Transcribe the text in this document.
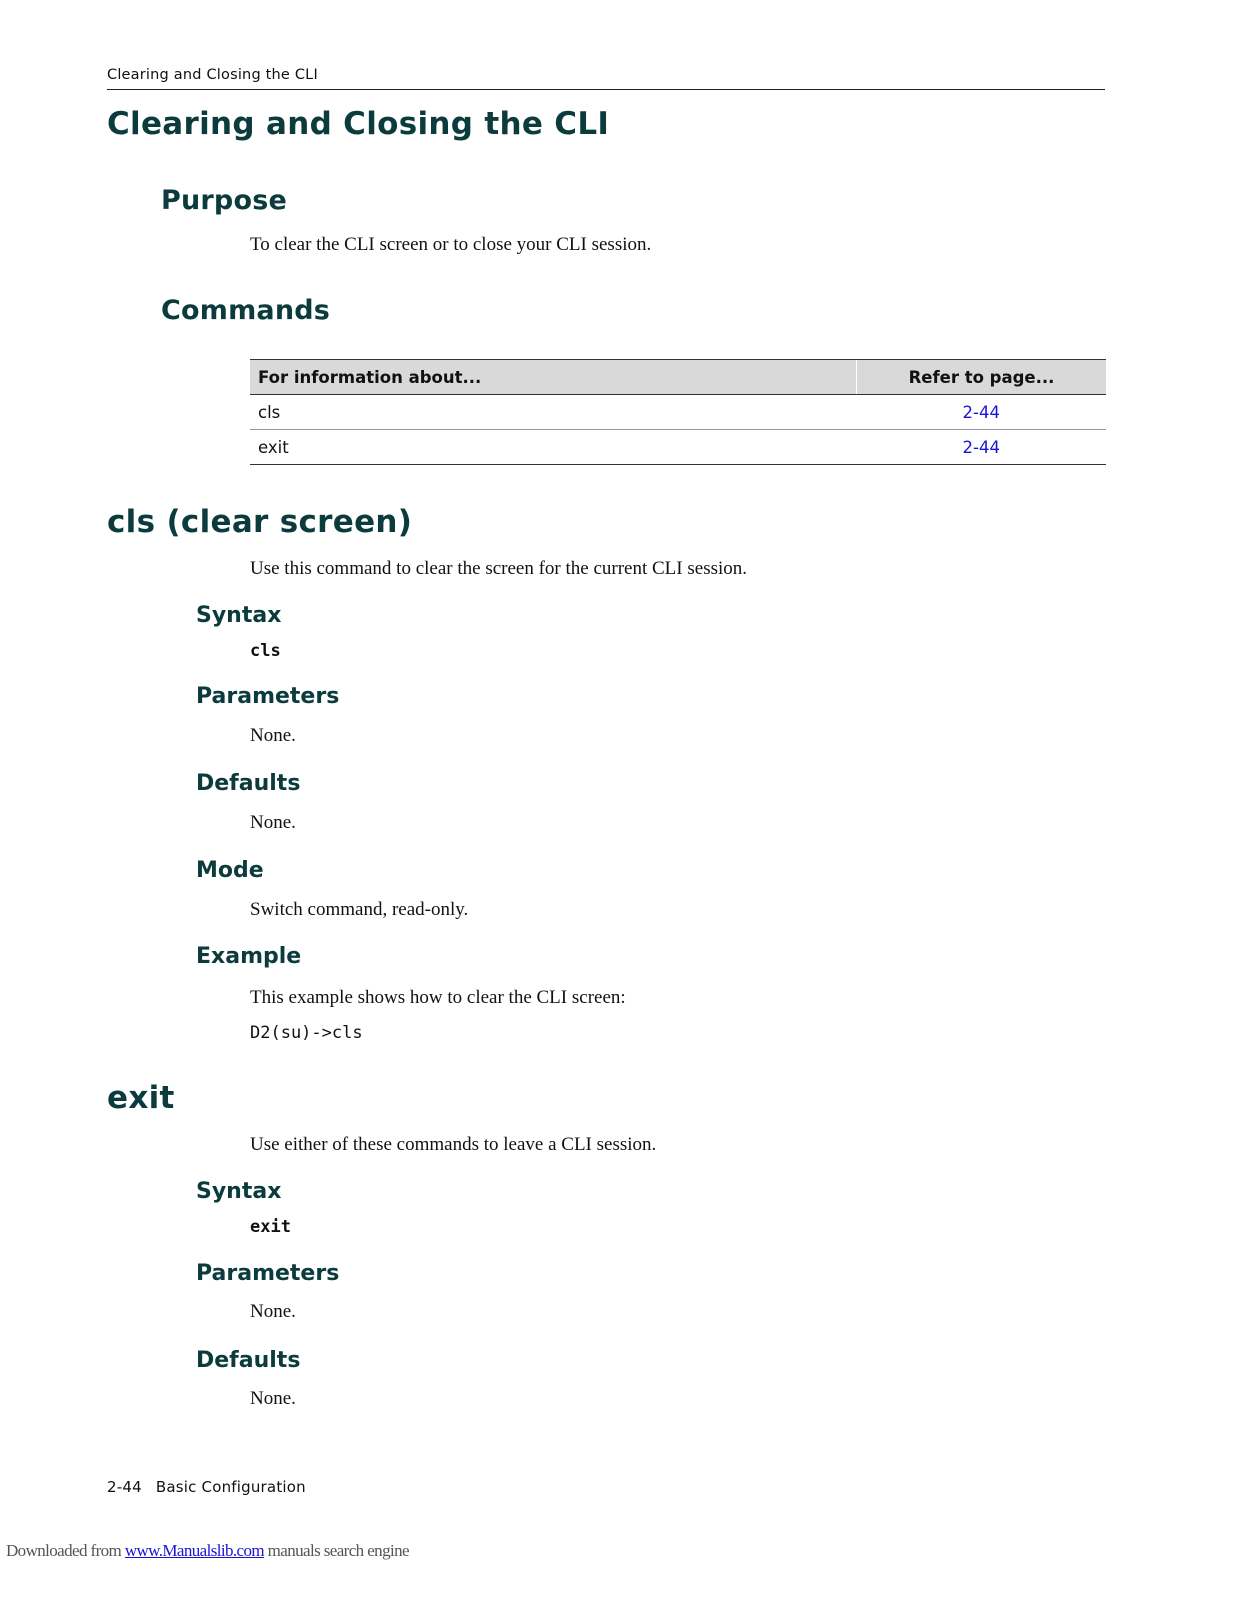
Clearing and Closing the CLI
Clearing and Closing the CLI
Purpose
To clear the CLI screen or to close your CLI session.
Commands
For information about...	Refer to page...
cls	2-44
exit	2-44
cls (clear screen)
Use this command to clear the screen for the current CLI session.
Syntax
cls
Parameters
None.
Defaults
None.
Mode
Switch command, read-only.
Example
This example shows how to clear the CLI screen:
D2(su)->cls
exit
Use either of these commands to leave a CLI session.
Syntax
exit
Parameters
None.
Defaults
None.
2-44 Basic Configuration
Downloaded from www.Manualslib.com manuals search engine
